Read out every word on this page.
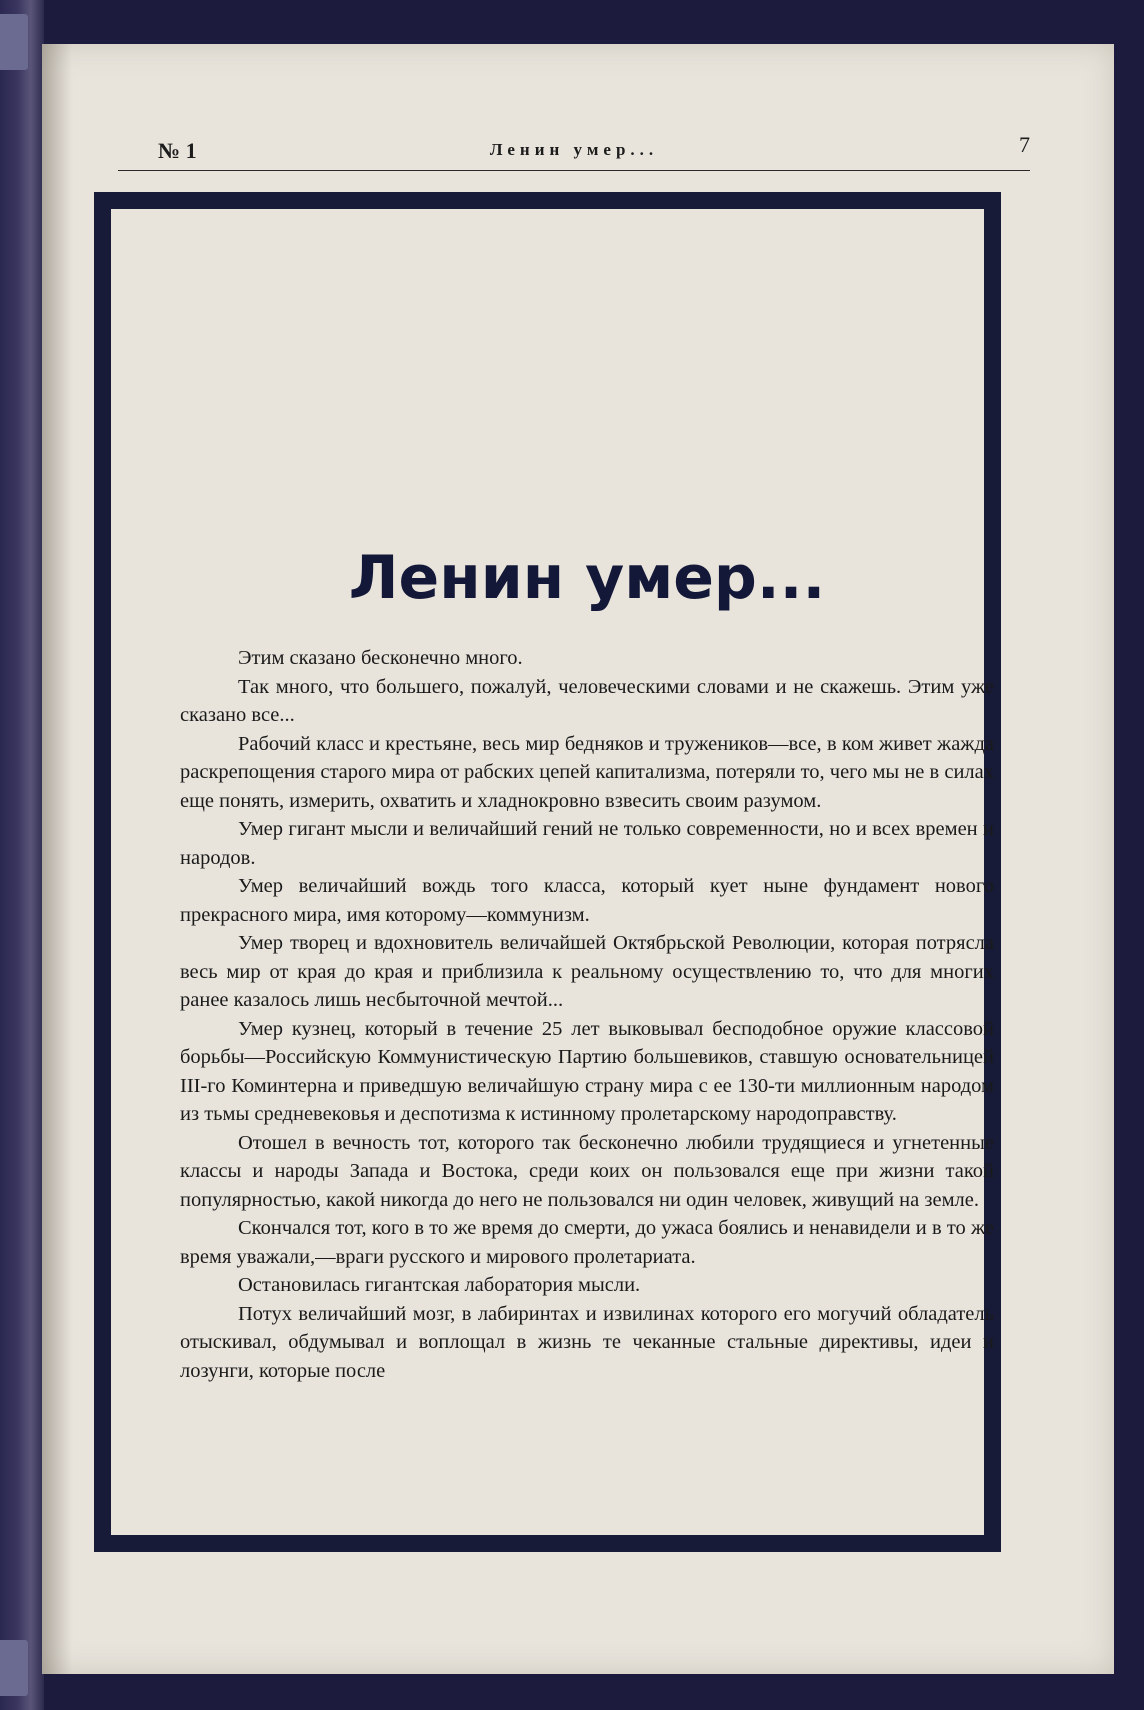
№ 1	Ленин умер...	7
Ленин умер...

Этим сказано бесконечно много.

Так много, что большего, пожалуй, человеческими словами и не скажешь. Этим уже сказано все...

Рабочий класс и крестьяне, весь мир бедняков и тружеников—все, в ком живет жажда раскрепощения старого мира от рабских цепей капитализма, потеряли то, чего мы не в силах еще понять, измерить, охватить и хладнокровно взвесить своим разумом.

Умер гигант мысли и величайший гений не только современности, но и всех времен и народов.

Умер величайший вождь того класса, который кует ныне фундамент нового прекрасного мира, имя которому—коммунизм.

Умер творец и вдохновитель величайшей Октябрьской Революции, которая потрясла весь мир от края до края и приблизила к реальному осуществлению то, что для многих ранее казалось лишь несбыточной мечтой...

Умер кузнец, который в течение 25 лет выковывал бесподобное оружие классовой борьбы—Российскую Коммунистическую Партию большевиков, ставшую основательницей III-го Коминтерна и приведшую величайшую страну мира с ее 130-ти миллионным народом из тьмы средневековья и деспотизма к истинному пролетарскому народоправству.

Отошел в вечность тот, которого так бесконечно любили трудящиеся и угнетенные классы и народы Запада и Востока, среди коих он пользовался еще при жизни такой популярностью, какой никогда до него не пользовался ни один человек, живущий на земле.

Скончался тот, кого в то же время до смерти, до ужаса боялись и ненавидели и в то же время уважали,—враги русского и мирового пролетариата.

Остановилась гигантская лаборатория мысли.

Потух величайший мозг, в лабиринтах и извилинах которого его могучий обладатель отыскивал, обдумывал и воплощал в жизнь те чеканные стальные директивы, идеи и лозунги, которые после
